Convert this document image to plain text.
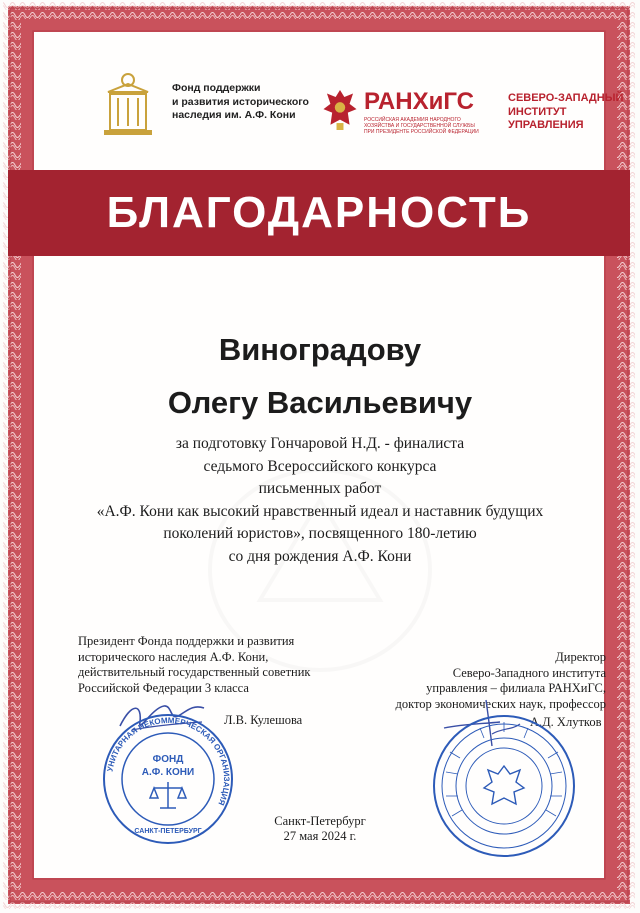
Фонд поддержки
и развития исторического
наследия им. А.Ф. Кони	РАНХиГС
РОССИЙСКАЯ АКАДЕМИЯ НАРОДНОГО ХОЗЯЙСТВА И ГОСУДАРСТВЕННОЙ СЛУЖБЫ ПРИ ПРЕЗИДЕНТЕ РОССИЙСКОЙ ФЕДЕРАЦИИ
СЕВЕРО-ЗАПАДНЫЙ
ИНСТИТУТ
УПРАВЛЕНИЯ
БЛАГОДАРНОСТЬ
Виноградову
Олегу Васильевичу
за подготовку Гончаровой Н.Д. - финалиста
седьмого Всероссийского конкурса
письменных работ
«А.Ф. Кони как высокий нравственный идеал и наставник будущих
поколений юристов», посвященного 180-летию
со дня рождения А.Ф. Кони
Президент Фонда поддержки и развития
исторического наследия А.Ф. Кони,
действительный государственный советник
Российской Федерации 3 класса
Директор
Северо-Западного института
управления – филиала РАНХиГС,
доктор экономических наук, профессор
Л.В. Кулешова	А.Д. Хлутков
УНИТАРНАЯ НЕКОММЕРЧЕСКАЯ ОРГАНИЗАЦИЯ
ФОНД
А.Ф. КОНИ
САНКТ-ПЕТЕРБУРГ
Санкт-Петербург
27 мая 2024 г.
